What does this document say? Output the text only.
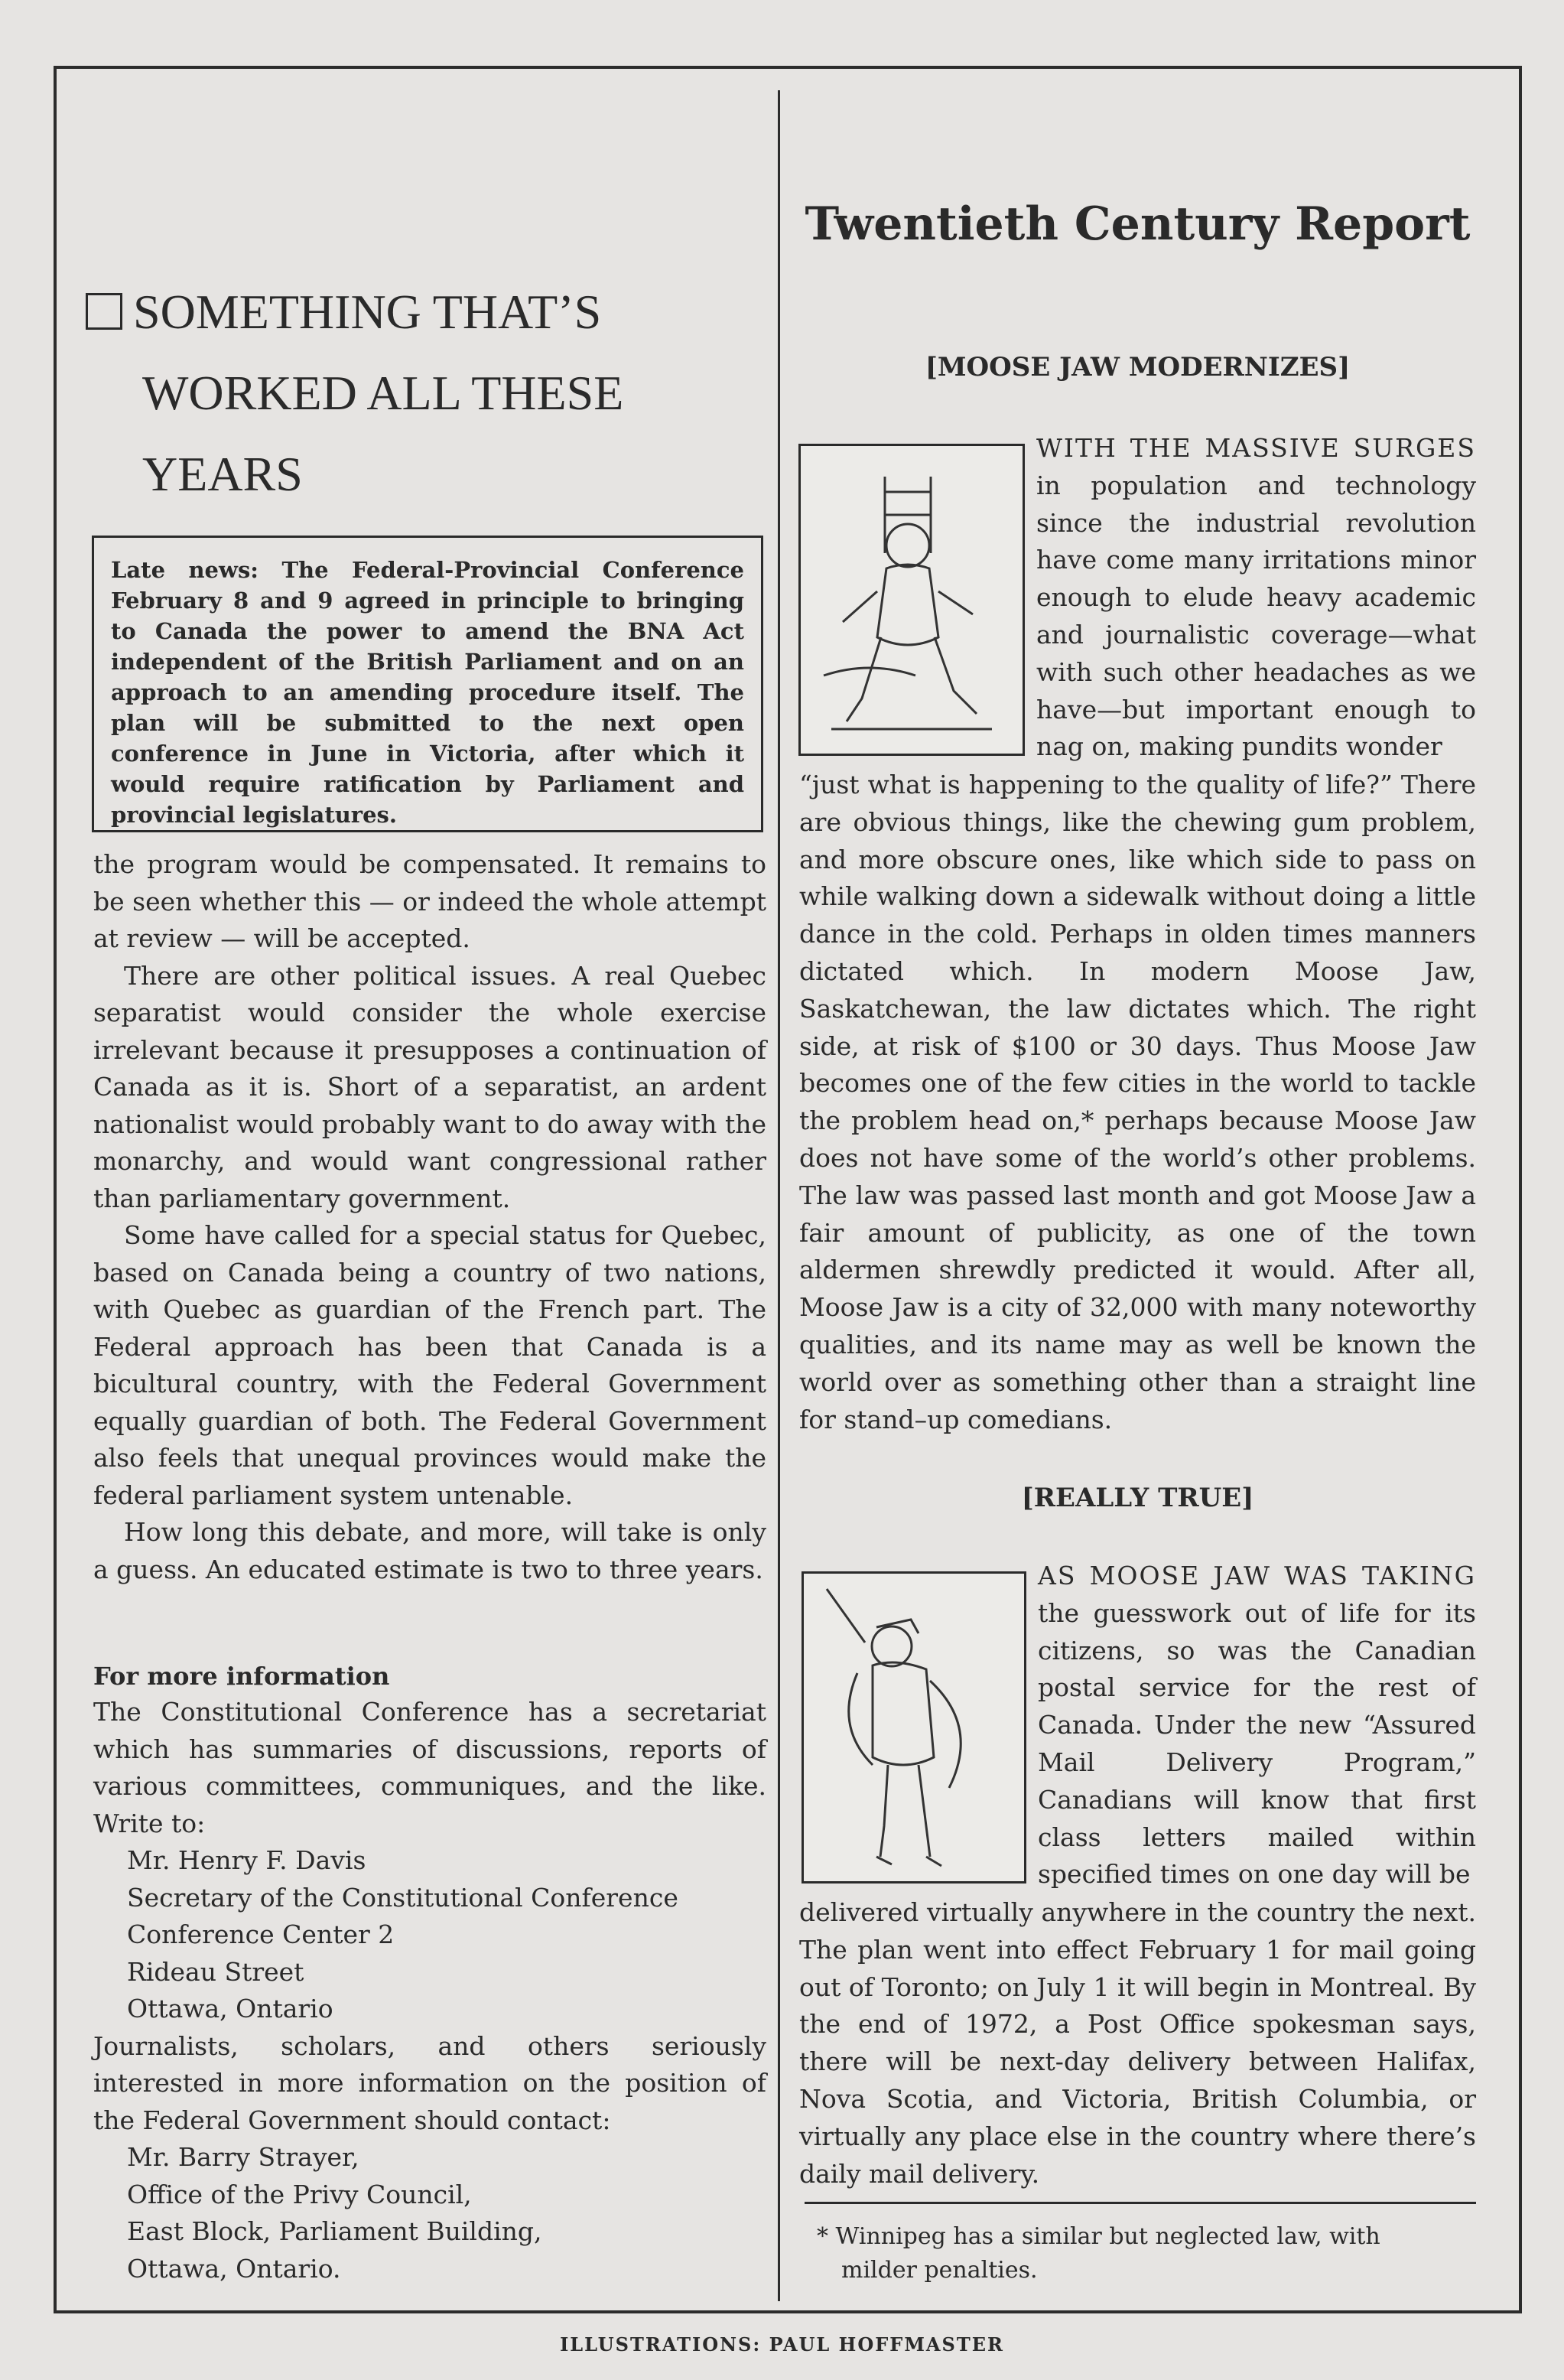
SOMETHING THAT’S
WORKED ALL THESE
YEARS
Late news: The Federal-Provincial Conference February 8 and 9 agreed in principle to bringing to Canada the power to amend the BNA Act independent of the British Parliament and on an approach to an amending procedure itself. The plan will be submitted to the next open conference in June in Victoria, after which it would require ratification by Parliament and provincial legislatures.

the program would be compensated. It remains to be seen whether this — or indeed the whole attempt at review — will be accepted.

There are other political issues. A real Quebec separatist would consider the whole exercise irrelevant because it presupposes a continuation of Canada as it is. Short of a separatist, an ardent nationalist would probably want to do away with the monarchy, and would want congressional rather than parliamentary government.

Some have called for a special status for Quebec, based on Canada being a country of two nations, with Quebec as guardian of the French part. The Federal approach has been that Canada is a bicultural country, with the Federal Government equally guardian of both. The Federal Government also feels that unequal provinces would make the federal parliament system untenable.

How long this debate, and more, will take is only a guess. An educated estimate is two to three years.

For more information

The Constitutional Conference has a secretariat which has summaries of discussions, reports of various committees, communiques, and the like. Write to:

Mr. Henry F. Davis
Secretary of the Constitutional Conference
Conference Center 2
Rideau Street
Ottawa, Ontario

Journalists, scholars, and others seriously interested in more information on the position of the Federal Government should contact:

Mr. Barry Strayer,
Office of the Privy Council,
East Block, Parliament Building,
Ottawa, Ontario.
Twentieth Century Report
[MOOSE JAW MODERNIZES]
WITH THE MASSIVE SURGES in population and technology since the industrial revolution have come many irritations minor enough to elude heavy academic and journalistic coverage—what with such other headaches as we have—but important enough to nag on, making pundits wonder
“just what is happening to the quality of life?” There are obvious things, like the chewing gum problem, and more obscure ones, like which side to pass on while walking down a sidewalk without doing a little dance in the cold. Perhaps in olden times manners dictated which. In modern Moose Jaw, Saskatchewan, the law dictates which. The right side, at risk of $100 or 30 days. Thus Moose Jaw becomes one of the few cities in the world to tackle the problem head on,* perhaps because Moose Jaw does not have some of the world’s other problems. The law was passed last month and got Moose Jaw a fair amount of publicity, as one of the town aldermen shrewdly predicted it would. After all, Moose Jaw is a city of 32,000 with many noteworthy qualities, and its name may as well be known the world over as something other than a straight line for stand–up comedians.
[REALLY TRUE]
AS MOOSE JAW WAS TAKING the guesswork out of life for its citizens, so was the Canadian postal service for the rest of Canada. Under the new “Assured Mail Delivery Program,” Canadians will know that first class letters mailed within specified times on one day will be
delivered virtually anywhere in the country the next. The plan went into effect February 1 for mail going out of Toronto; on July 1 it will begin in Montreal. By the end of 1972, a Post Office spokesman says, there will be next-day delivery between Halifax, Nova Scotia, and Victoria, British Columbia, or virtually any place else in the country where there’s daily mail delivery.
* Winnipeg has a similar but neglected law, with
milder penalties.
ILLUSTRATIONS: PAUL HOFFMASTER
